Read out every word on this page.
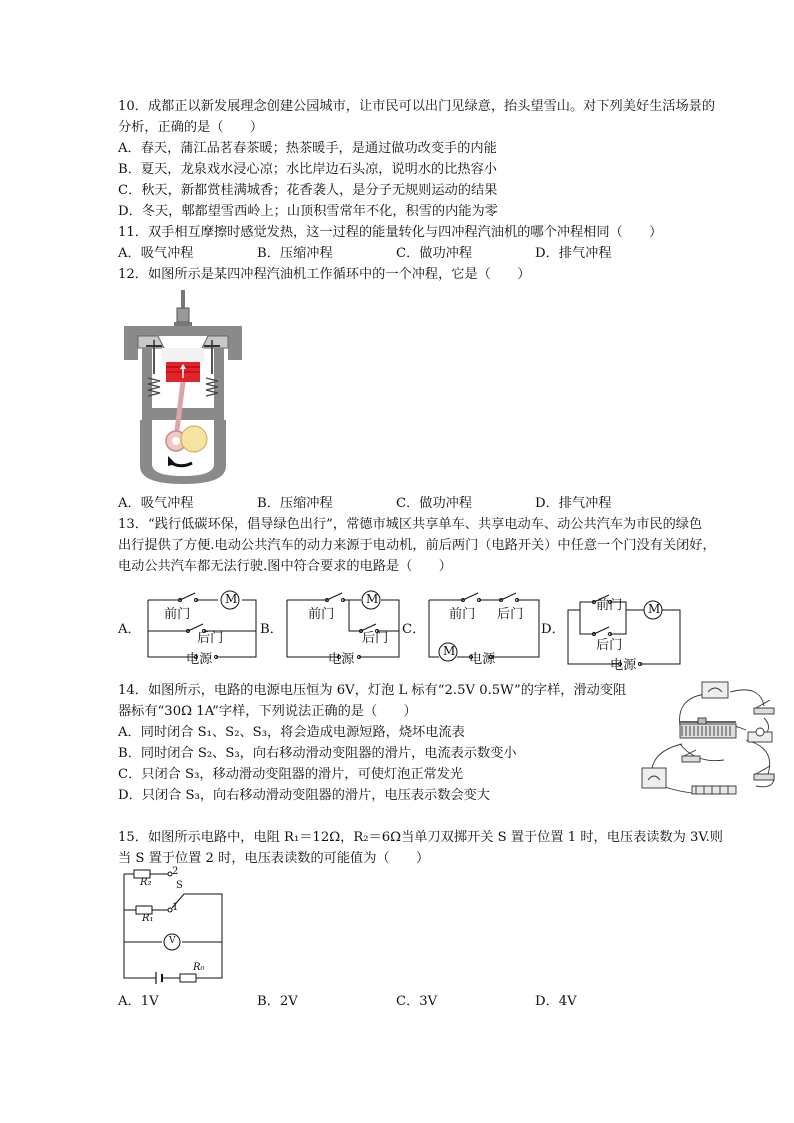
10．成都正以新发展理念创建公园城市，让市民可以出门见绿意，抬头望雪山。对下列美好生活场景的
分析，正确的是（　　）
A．春天，蒲江品茗春茶暖；热茶暖手，是通过做功改变手的内能
B．夏天，龙泉戏水浸心凉；水比岸边石头凉，说明水的比热容小
C．秋天，新都赏桂满城香；花香袭人，是分子无规则运动的结果
D．冬天，郫都望雪西岭上；山顶积雪常年不化，积雪的内能为零
11．双手相互摩擦时感觉发热，这一过程的能量转化与四冲程汽油机的哪个冲程相同（　　）
A．吸气冲程	B．压缩冲程	C．做功冲程	D．排气冲程
12．如图所示是某四冲程汽油机工作循环中的一个冲程，它是（　　）
A．吸气冲程	B．压缩冲程	C．做功冲程	D．排气冲程
13．“践行低碳环保，倡导绿色出行”，常德市城区共享单车、共享电动车、动公共汽车为市民的绿色
出行提供了方便.电动公共汽车的动力来源于电动机，前后两门（电路开关）中任意一个门没有关闭好，
电动公共汽车都无法行驶.图中符合要求的电路是（　　）
A．	B．	C．	D．
前门
M
后门
电源
前门
M
后门
电源
前门 后门
M
电源
前门 M
后门
电源
14．如图所示，电路的电源电压恒为 6V，灯泡 L 标有“2.5V 0.5W”的字样，滑动变阻
器标有“30Ω 1A”字样，下列说法正确的是（　　）
A．同时闭合 S₁、S₂、S₃，将会造成电源短路，烧坏电流表
B．同时闭合 S₂、S₃，向右移动滑动变阻器的滑片，电流表示数变小
C．只闭合 S₃，移动滑动变阻器的滑片，可使灯泡正常发光
D．只闭合 S₃，向右移动滑动变阻器的滑片，电压表示数会变大
15．如图所示电路中，电阻 R₁＝12Ω，R₂＝6Ω当单刀双掷开关 S 置于位置 1 时，电压表读数为 3V.则
当 S 置于位置 2 时，电压表读数的可能值为（　　）
R₂
2
S
1
R₁
V
R₀
A．1V	B．2V	C．3V	D．4V
